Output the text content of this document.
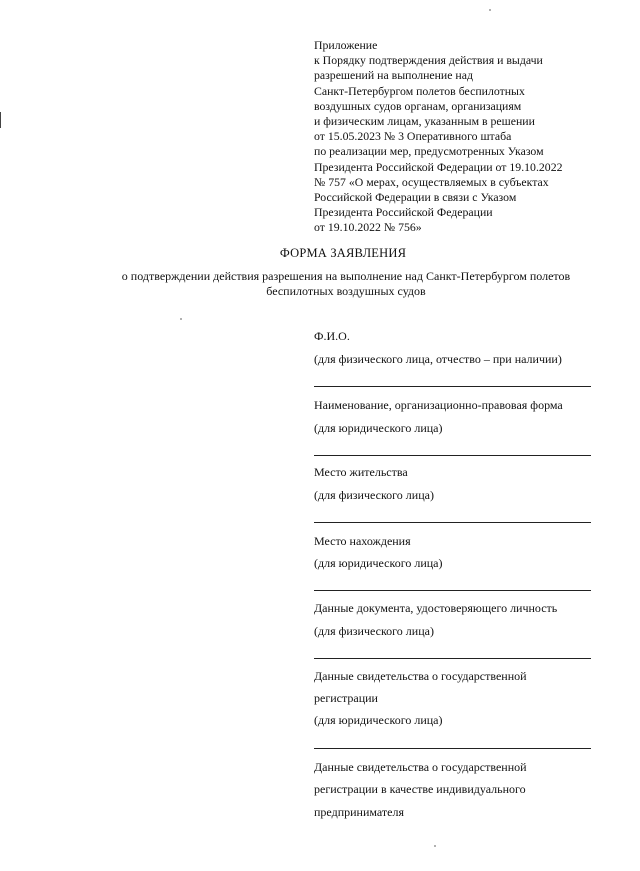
Приложение
к Порядку подтверждения действия и выдачи
разрешений на выполнение над
Санкт-Петербургом полетов беспилотных
воздушных судов органам, организациям
и физическим лицам, указанным в решении
от 15.05.2023 № 3 Оперативного штаба
по реализации мер, предусмотренных Указом
Президента Российской Федерации от 19.10.2022
№ 757 «О мерах, осуществляемых в субъектах
Российской Федерации в связи с Указом
Президента Российской Федерации
от 19.10.2022 № 756»
ФОРМА ЗАЯВЛЕНИЯ
о подтверждении действия разрешения на выполнение над Санкт-Петербургом полетов
беспилотных воздушных судов
Ф.И.О.
(для физического лица, отчество – при наличии)
Наименование, организационно-правовая форма
(для юридического лица)
Место жительства
(для физического лица)
Место нахождения
(для юридического лица)
Данные документа, удостоверяющего личность
(для физического лица)
Данные свидетельства о государственной
регистрации
(для юридического лица)
Данные свидетельства о государственной
регистрации в качестве индивидуального
предпринимателя
